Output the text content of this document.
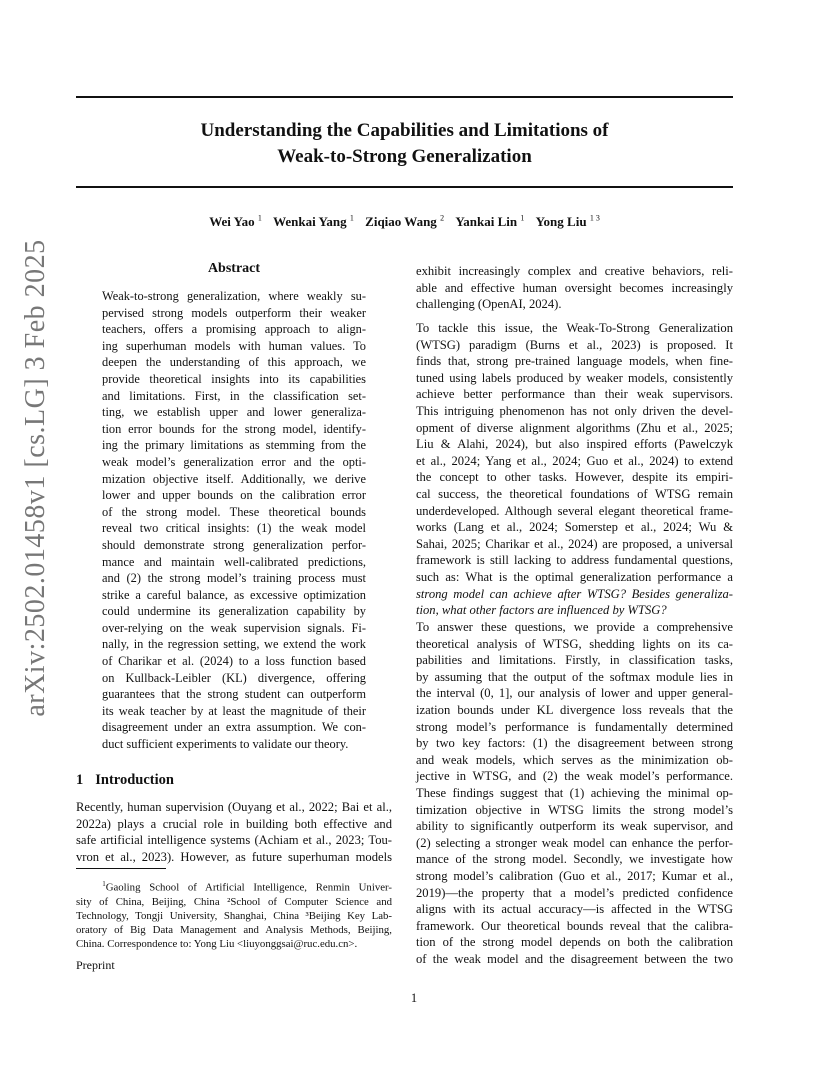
Understanding the Capabilities and Limitations of
Weak-to-Strong Generalization
Wei Yao $^1$ Wenkai Yang $^1$ Ziqiao Wang $^2$ Yankai Lin $^1$ Yong Liu $^{1 3}$
arXiv:2502.01458v1 [cs.LG] 3 Feb 2025	Abstract
Weak-to-strong generalization, where weakly su-
pervised strong models outperform their weaker
teachers, offers a promising approach to align-
ing superhuman models with human values. To
deepen the understanding of this approach, we
provide theoretical insights into its capabilities
and limitations. First, in the classification set-
ting, we establish upper and lower generaliza-
tion error bounds for the strong model, identify-
ing the primary limitations as stemming from the
weak model’s generalization error and the opti-
mization objective itself. Additionally, we derive
lower and upper bounds on the calibration error
of the strong model. These theoretical bounds
reveal two critical insights: (1) the weak model
should demonstrate strong generalization perfor-
mance and maintain well-calibrated predictions,
and (2) the strong model’s training process must
strike a careful balance, as excessive optimization
could undermine its generalization capability by
over-relying on the weak supervision signals. Fi-
nally, in the regression setting, we extend the work
of Charikar et al. (2024) to a loss function based
on Kullback-Leibler (KL) divergence, offering
guarantees that the strong student can outperform
its weak teacher by at least the magnitude of their
disagreement under an extra assumption. We con-
duct sufficient experiments to validate our theory.
1 Introduction
Recently, human supervision (Ouyang et al., 2022; Bai et al.,
2022a) plays a crucial role in building both effective and
safe artificial intelligence systems (Achiam et al., 2023; Tou-
vron et al., 2023). However, as future superhuman models
$^1$Gaoling School of Artificial Intelligence, Renmin Univer-
sity of China, Beijing, China ²School of Computer Science and
Technology, Tongji University, Shanghai, China ³Beijing Key Lab-
oratory of Big Data Management and Analysis Methods, Beijing,
China. Correspondence to: Yong Liu <liuyonggsai@ruc.edu.cn>.
Preprint
1
exhibit increasingly complex and creative behaviors, reli-
able and effective human oversight becomes increasingly
challenging (OpenAI, 2024).
To tackle this issue, the Weak-To-Strong Generalization
(WTSG) paradigm (Burns et al., 2023) is proposed. It
finds that, strong pre-trained language models, when fine-
tuned using labels produced by weaker models, consistently
achieve better performance than their weak supervisors.
This intriguing phenomenon has not only driven the devel-
opment of diverse alignment algorithms (Zhu et al., 2025;
Liu & Alahi, 2024), but also inspired efforts (Pawelczyk
et al., 2024; Yang et al., 2024; Guo et al., 2024) to extend
the concept to other tasks. However, despite its empiri-
cal success, the theoretical foundations of WTSG remain
underdeveloped. Although several elegant theoretical frame-
works (Lang et al., 2024; Somerstep et al., 2024; Wu &
Sahai, 2025; Charikar et al., 2024) are proposed, a universal
framework is still lacking to address fundamental questions,
such as: What is the optimal generalization performance a
strong model can achieve after WTSG? Besides generaliza-
tion, what other factors are influenced by WTSG?
To answer these questions, we provide a comprehensive
theoretical analysis of WTSG, shedding lights on its ca-
pabilities and limitations. Firstly, in classification tasks,
by assuming that the output of the softmax module lies in
the interval (0, 1], our analysis of lower and upper general-
ization bounds under KL divergence loss reveals that the
strong model’s performance is fundamentally determined
by two key factors: (1) the disagreement between strong
and weak models, which serves as the minimization ob-
jective in WTSG, and (2) the weak model’s performance.
These findings suggest that (1) achieving the minimal op-
timization objective in WTSG limits the strong model’s
ability to significantly outperform its weak supervisor, and
(2) selecting a stronger weak model can enhance the perfor-
mance of the strong model. Secondly, we investigate how
strong model’s calibration (Guo et al., 2017; Kumar et al.,
2019)—the property that a model’s predicted confidence
aligns with its actual accuracy—is affected in the WTSG
framework. Our theoretical bounds reveal that the calibra-
tion of the strong model depends on both the calibration
of the weak model and the disagreement between the two
